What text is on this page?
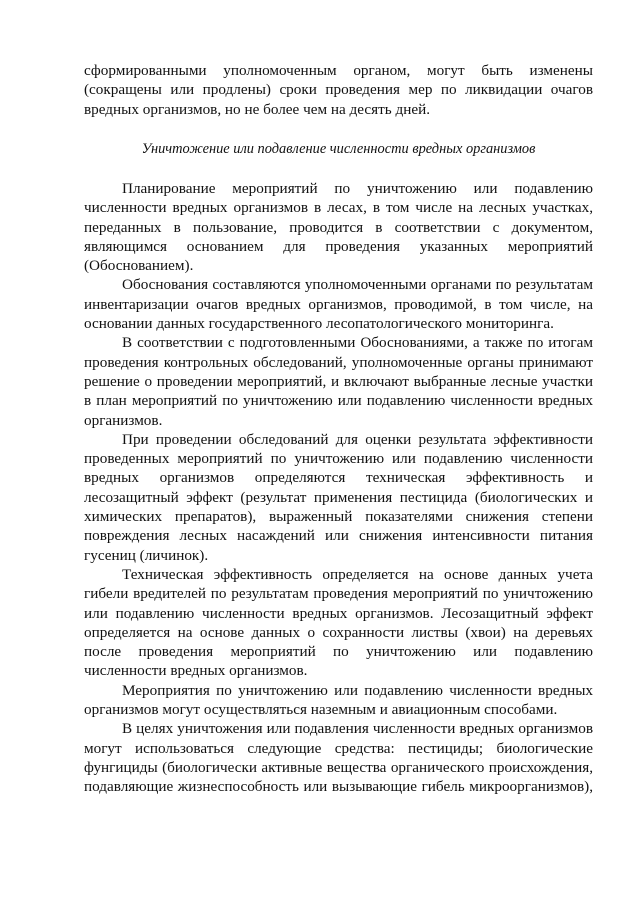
сформированными уполномоченным органом, могут быть изменены (сокращены или продлены) сроки проведения мер по ликвидации очагов вредных организмов, но не более чем на десять дней.

Уничтожение или подавление численности вредных организмов

Планирование мероприятий по уничтожению или подавлению численности вредных организмов в лесах, в том числе на лесных участках, переданных в пользование, проводится в соответствии с документом, являющимся основанием для проведения указанных мероприятий (Обоснованием).

Обоснования составляются уполномоченными органами по результатам инвентаризации очагов вредных организмов, проводимой, в том числе, на основании данных государственного лесопатологического мониторинга.

В соответствии с подготовленными Обоснованиями, а также по итогам проведения контрольных обследований, уполномоченные органы принимают решение о проведении мероприятий, и включают выбранные лесные участки в план мероприятий по уничтожению или подавлению численности вредных организмов.

При проведении обследований для оценки результата эффективности проведенных мероприятий по уничтожению или подавлению численности вредных организмов определяются техническая эффективность и лесозащитный эффект (результат применения пестицида (биологических и химических препаратов), выраженный показателями снижения степени повреждения лесных насаждений или снижения интенсивности питания гусениц (личинок).

Техническая эффективность определяется на основе данных учета гибели вредителей по результатам проведения мероприятий по уничтожению или подавлению численности вредных организмов. Лесозащитный эффект определяется на основе данных о сохранности листвы (хвои) на деревьях после проведения мероприятий по уничтожению или подавлению численности вредных организмов.

Мероприятия по уничтожению или подавлению численности вредных организмов могут осуществляться наземным и авиационным способами.

В целях уничтожения или подавления численности вредных организмов могут использоваться следующие средства: пестициды; биологические фунгициды (биологически активные вещества органического происхождения, подавляющие жизнеспособность или вызывающие гибель микроорганизмов),
